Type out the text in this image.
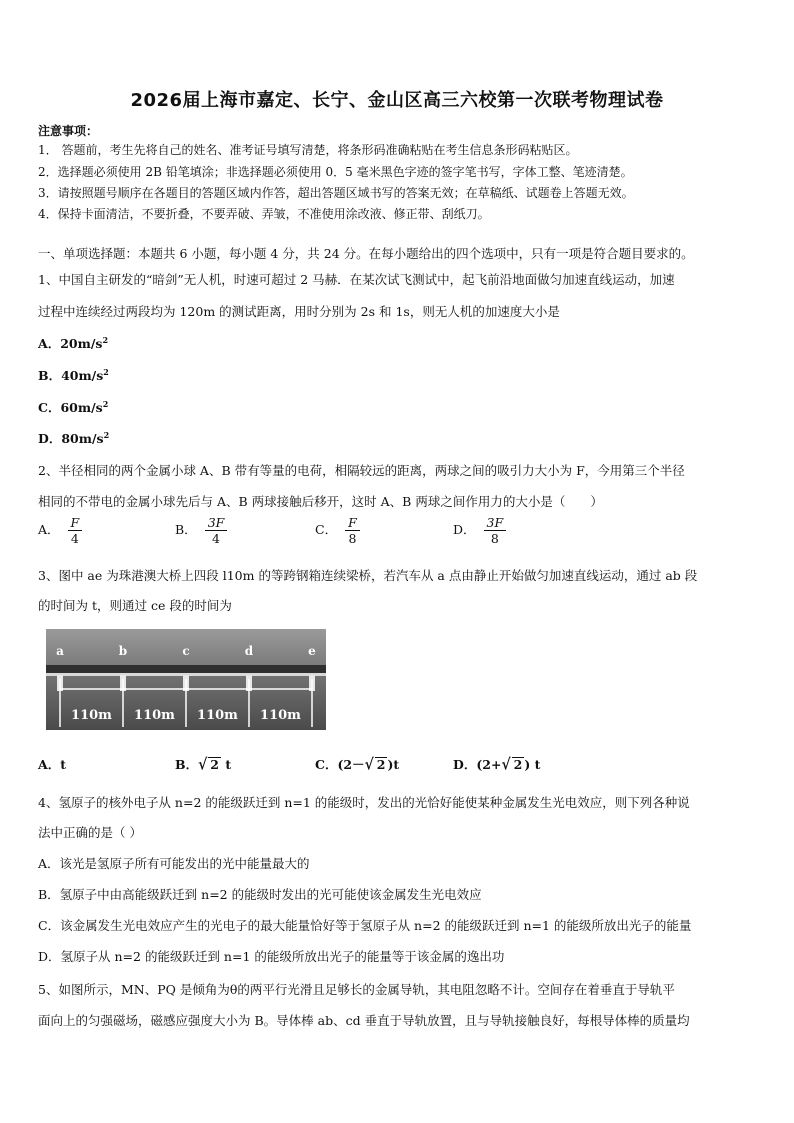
2026届上海市嘉定、长宁、金山区高三六校第一次联考物理试卷
注意事项：
1． 答题前，考生先将自己的姓名、准考证号填写清楚，将条形码准确粘贴在考生信息条形码粘贴区。
2．选择题必须使用 2B 铅笔填涂；非选择题必须使用 0．5 毫米黑色字迹的签字笔书写，字体工整、笔迹清楚。
3．请按照题号顺序在各题目的答题区域内作答，超出答题区域书写的答案无效；在草稿纸、试题卷上答题无效。
4．保持卡面清洁，不要折叠，不要弄破、弄皱，不准使用涂改液、修正带、刮纸刀。
一、单项选择题：本题共 6 小题，每小题 4 分，共 24 分。在每小题给出的四个选项中，只有一项是符合题目要求的。
1、中国自主研发的“暗剑”无人机，时速可超过 2 马赫．在某次试飞测试中，起飞前沿地面做匀加速直线运动，加速
过程中连续经过两段均为 120m 的测试距离，用时分别为 2s 和 1s，则无人机的加速度大小是
A．$20m/s^2$
B．$40m/s^2$
C．$60m/s^2$
D．$80m/s^2$
2、半径相同的两个金属小球 A、B 带有等量的电荷，相隔较远的距离，两球之间的吸引力大小为 F，今用第三个半径
相同的不带电的金属小球先后与 A、B 两球接触后移开，这时 A、B 两球之间作用力的大小是（　　）
A． $\frac{F}{4}$	B． $\frac{3F}{4}$	C． $\frac{F}{8}$	D． $\frac{3F}{8}$
3、图中 ae 为珠港澳大桥上四段 l10m 的等跨钢箱连续梁桥，若汽车从 a 点由静止开始做匀加速直线运动，通过 ab 段
的时间为 t，则通过 ce 段的时间为
a	b	c	d	e
110m 110m 110m 110m
A．t	B．√ 2 t	C．(2－√ 2 )t	D．(2+√ 2 ) t
4、氢原子的核外电子从 n=2 的能级跃迁到 n=1 的能级时，发出的光恰好能使某种金属发生光电效应，则下列各种说
法中正确的是（ ）
A．该光是氢原子所有可能发出的光中能量最大的
B．氢原子中由高能级跃迁到 n=2 的能级时发出的光可能使该金属发生光电效应
C．该金属发生光电效应产生的光电子的最大能量恰好等于氢原子从 n=2 的能级跃迁到 n=1 的能级所放出光子的能量
D．氢原子从 n=2 的能级跃迁到 n=1 的能级所放出光子的能量等于该金属的逸出功
5、如图所示，MN、PQ 是倾角为θ的两平行光滑且足够长的金属导轨，其电阻忽略不计。空间存在着垂直于导轨平
面向上的匀强磁场，磁感应强度大小为 B。导体棒 ab、cd 垂直于导轨放置，且与导轨接触良好，每根导体棒的质量均
